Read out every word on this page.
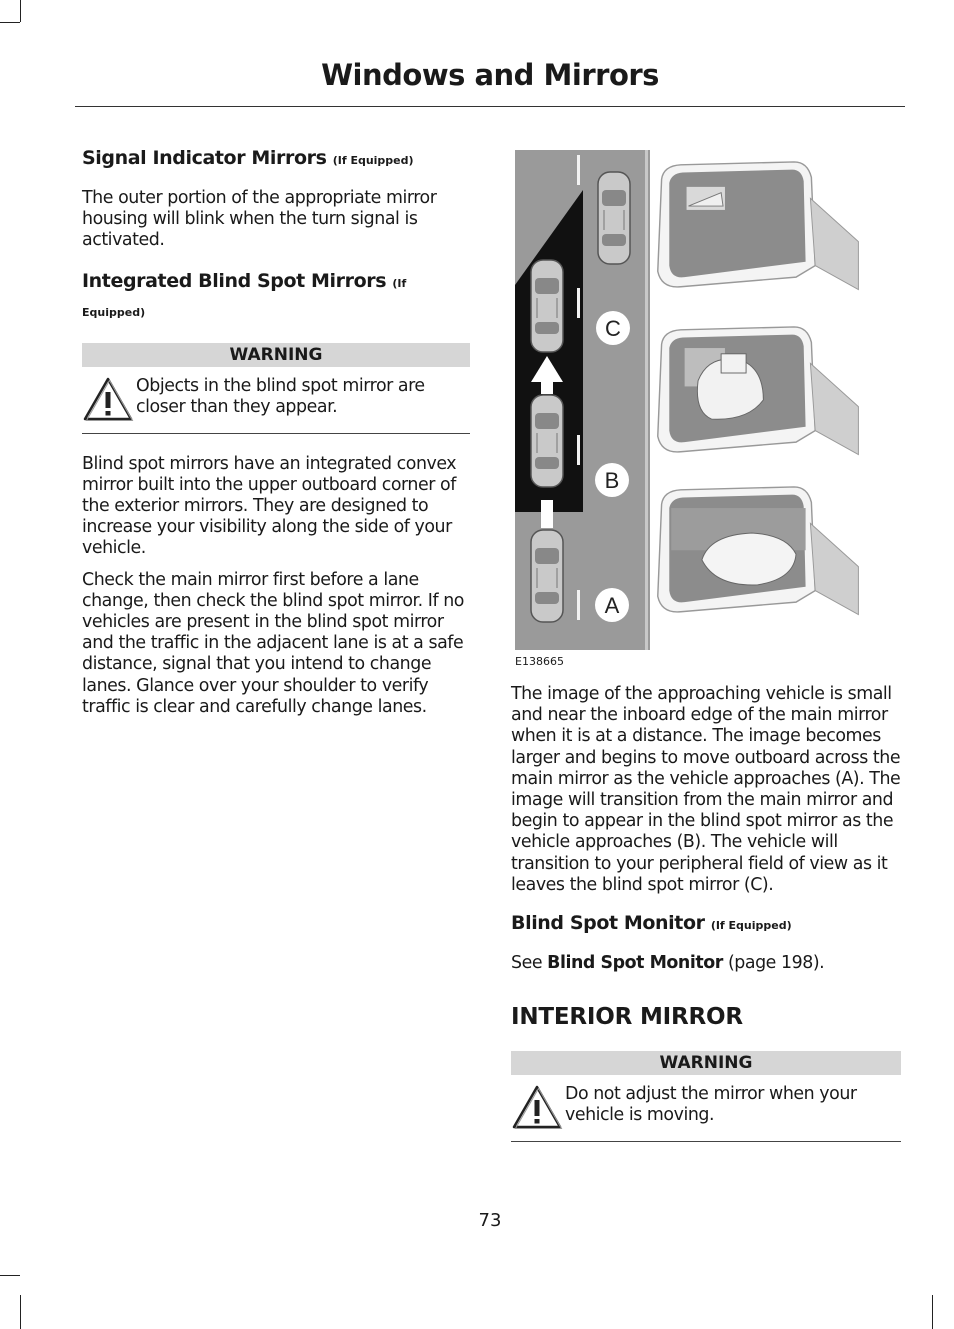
Windows and Mirrors
Signal Indicator Mirrors (If Equipped)

The outer portion of the appropriate mirror housing will blink when the turn signal is activated.

Integrated Blind Spot Mirrors (If Equipped)
WARNING
Objects in the blind spot mirror are closer than they appear.

Blind spot mirrors have an integrated convex mirror built into the upper outboard corner of the exterior mirrors. They are designed to increase your visibility along the side of your vehicle.

Check the main mirror first before a lane change, then check the blind spot mirror. If no vehicles are present in the blind spot mirror and the traffic in the adjacent lane is at a safe distance, signal that you intend to change lanes. Glance over your shoulder to verify traffic is clear and carefully change lanes.

C
B
A
E138665

The image of the approaching vehicle is small and near the inboard edge of the main mirror when it is at a distance. The image becomes larger and begins to move outboard across the main mirror as the vehicle approaches (A). The image will transition from the main mirror and begin to appear in the blind spot mirror as the vehicle approaches (B). The vehicle will transition to your peripheral field of view as it leaves the blind spot mirror (C).

Blind Spot Monitor (If Equipped)

See Blind Spot Monitor (page 198).

INTERIOR MIRROR
WARNING
Do not adjust the mirror when your vehicle is moving.
73
